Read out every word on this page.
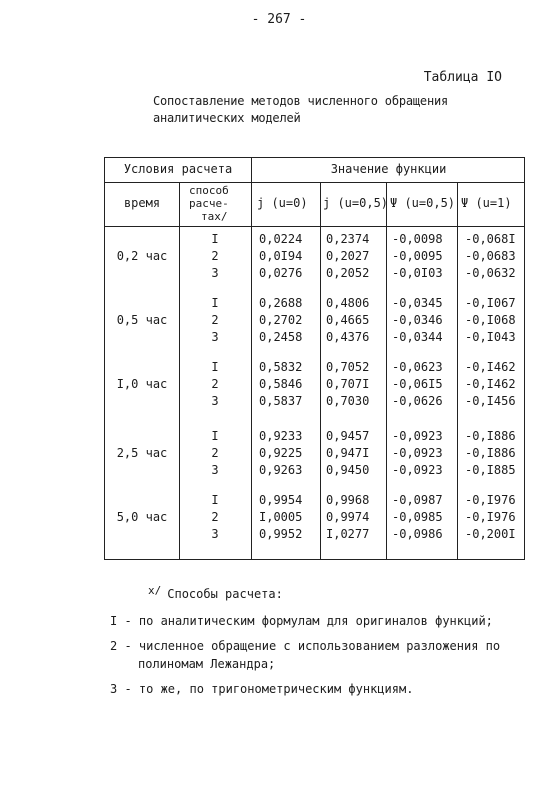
- 267 -
Таблица IO
Сопоставление методов численного обращения
аналитических моделей
Условия расчета	Значение функции
время
способ
расче-
таx/
j (u=0) j (u=0,5) Ψ (u=0,5) Ψ (u=1)
0,2 час
I
2
3
0,0224
0,0I94
0,0276
0,2374
0,2027
0,2052
-0,0098
-0,0095
-0,0I03
-0,068I
-0,0683
-0,0632
0,5 час
I
2
3
0,2688
0,2702
0,2458
0,4806
0,4665
0,4376
-0,0345
-0,0346
-0,0344
-0,I067
-0,I068
-0,I043
I,0 час
I
2
3
0,5832
0,5846
0,5837
0,7052
0,707I
0,7030
-0,0623
-0,06I5
-0,0626
-0,I462
-0,I462
-0,I456
2,5 час
I
2
3
0,9233
0,9225
0,9263
0,9457
0,947I
0,9450
-0,0923
-0,0923
-0,0923
-0,I886
-0,I886
-0,I885
5,0 час
I
2
3
0,9954
I,0005
0,9952
0,9968
0,9974
I,0277
-0,0987
-0,0985
-0,0986
-0,I976
-0,I976
-0,200I
x/ Способы расчета:
I - по аналитическим формулам для оригиналов функций;
2 - численное обращение с использованием разложения по
полиномам Лежандра;
3 - то же, по тригонометрическим функциям.
